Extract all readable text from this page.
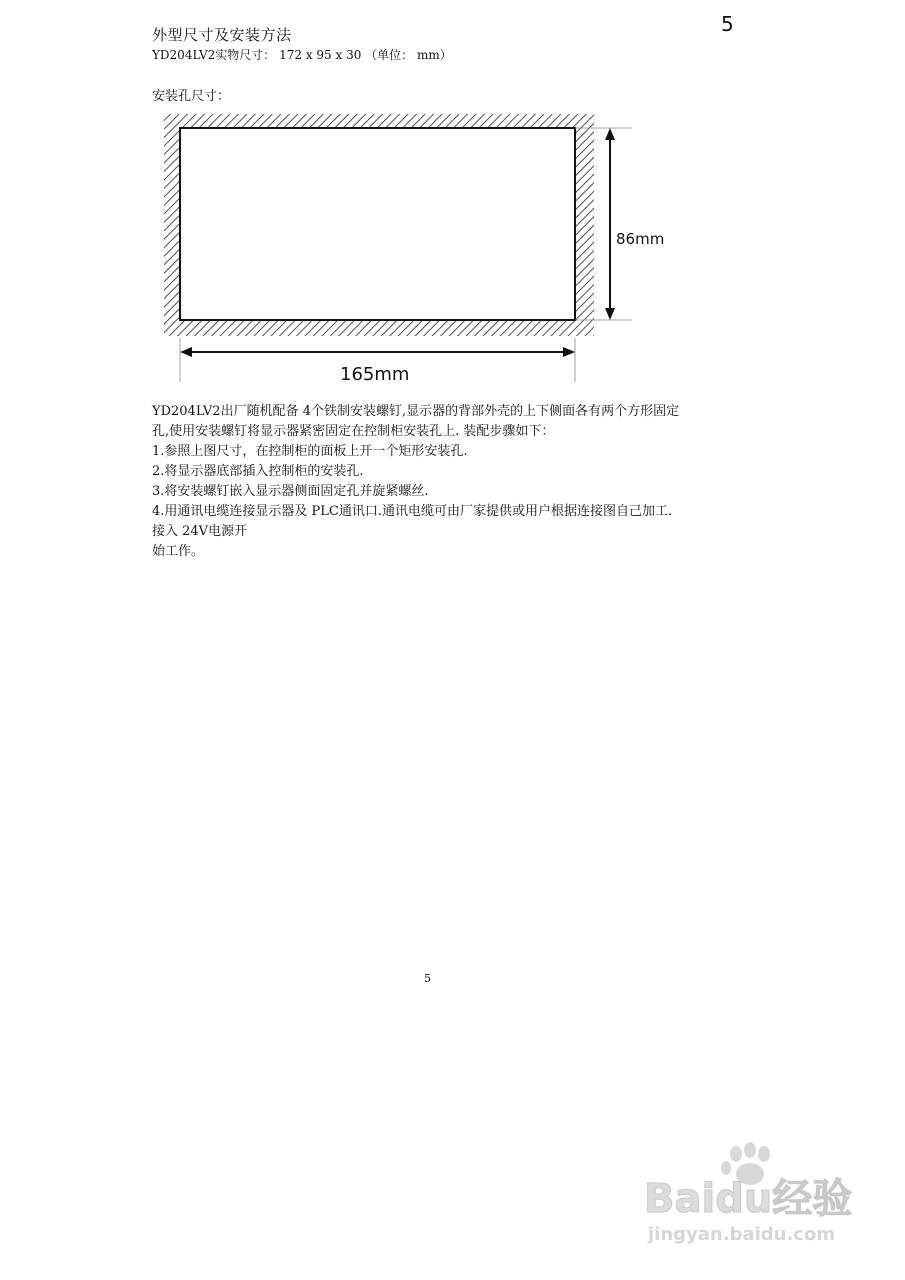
5
外型尺寸及安装方法
YD204LV2实物尺寸： 172 x 95 x 30 （单位： mm）
安装孔尺寸：
86mm
165mm

YD204LV2出厂随机配备 4个铁制安装螺钉,显示器的背部外壳的上下侧面各有两个方形固定

孔,使用安装螺钉将显示器紧密固定在控制柜安装孔上. 装配步骤如下：

1.参照上图尺寸，在控制柜的面板上开一个矩形安装孔.

2.将显示器底部插入控制柜的安装孔.

3.将安装螺钉嵌入显示器侧面固定孔并旋紧螺丝.

4.用通讯电缆连接显示器及 PLC通讯口.通讯电缆可由厂家提供或用户根据连接图自己加工.

接入 24V电源开

始工作。

5
Baidu经验
jingyan.baidu.com
